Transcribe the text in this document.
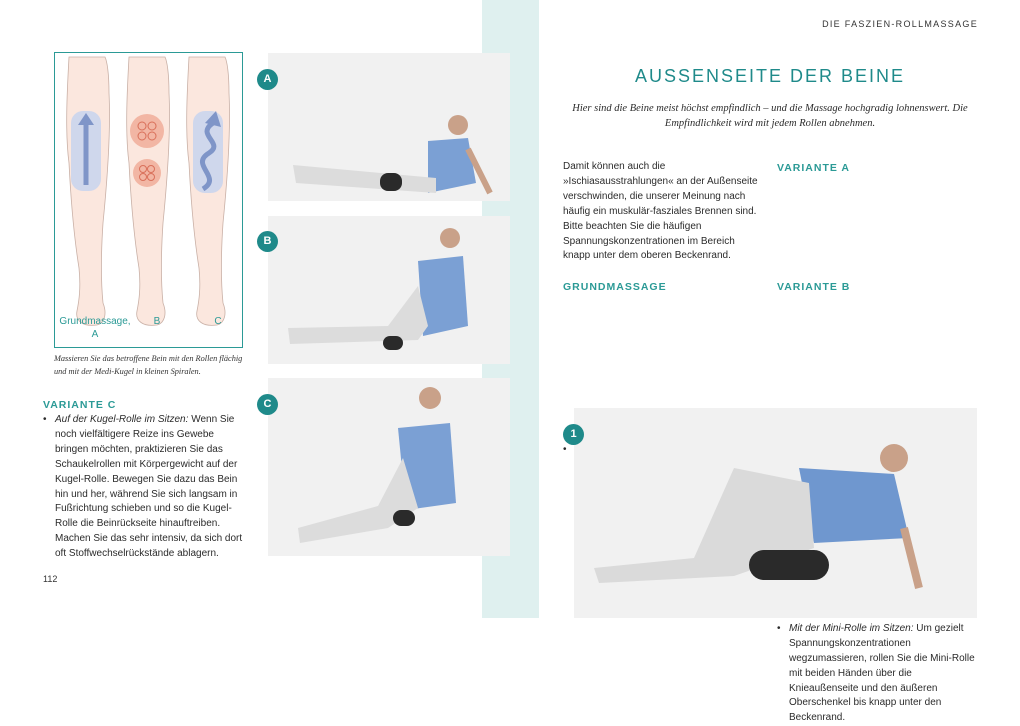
DIE FASZIEN-ROLLMASSAGE
Grundmassage,
A
B	C
Massieren Sie das betroffene Bein mit den Rollen flächig und mit der Medi-Kugel in kleinen Spiralen.
VARIANTE C
• Auf der Kugel-Rolle im Sitzen: Wenn Sie noch vielfältigere Reize ins Gewebe bringen möchten, praktizieren Sie das Schaukelrollen mit Körpergewicht auf der Kugel-Rolle. Bewegen Sie dazu das Bein hin und her, während Sie sich langsam in Fußrichtung schieben und so die Kugel-Rolle die Beinrückseite hinauftreiben. Machen Sie das sehr intensiv, da sich dort oft Stoffwechselrückstände ablagern.
112
A
B
C
AUSSENSEITE DER BEINE
Hier sind die Beine meist höchst empfindlich – und die Massage hochgradig lohnenswert. Die Empfindlichkeit wird mit jedem Rollen abnehmen.
Damit können auch die »Ischiasausstrahlungen« an der Außenseite verschwinden, die unserer Meinung nach häufig ein muskulär-fasziales Brennen sind.
Bitte beachten Sie die häufigen Spannungskonzentrationen im Bereich knapp unter dem oberen Beckenrand.
GRUNDMASSAGE
•
VARIANTE A
•
VARIANTE B
• Mit der Mini-Rolle im Sitzen: Um gezielt Spannungskonzentrationen wegzumassieren, rollen Sie die Mini-Rolle mit beiden Händen über die Knieaußenseite und den äußeren Oberschenkel bis knapp unter den Beckenrand.
1
